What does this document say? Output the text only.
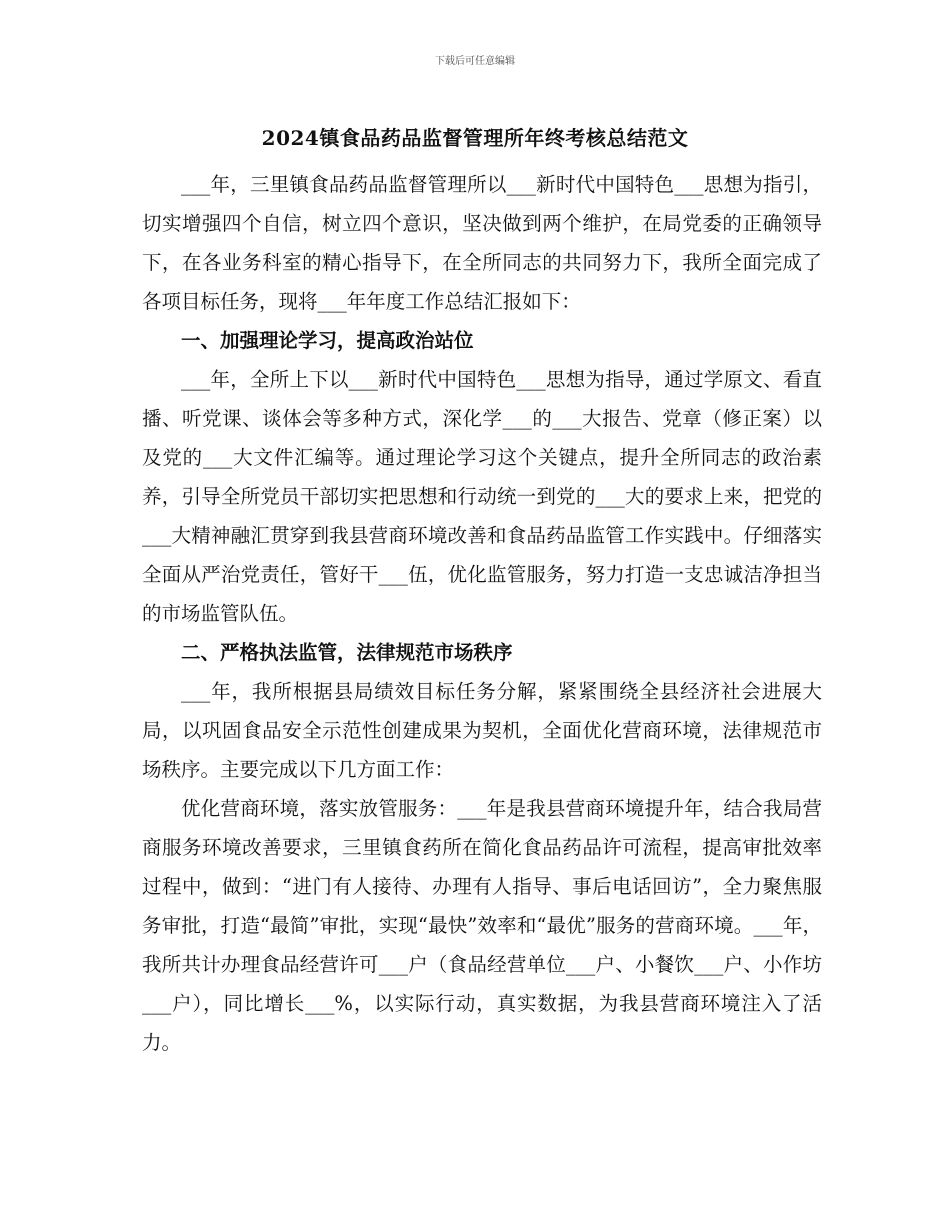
下载后可任意编辑
2024镇食品药品监督管理所年终考核总结范文

___年，三里镇食品药品监督管理所以___新时代中国特色___思想为指引，切实增强四个自信，树立四个意识，坚决做到两个维护，在局党委的正确领导下，在各业务科室的精心指导下，在全所同志的共同努力下，我所全面完成了各项目标任务，现将___年年度工作总结汇报如下：

一、加强理论学习，提高政治站位

___年，全所上下以___新时代中国特色___思想为指导，通过学原文、看直播、听党课、谈体会等多种方式，深化学___的___大报告、党章（修正案）以及党的___大文件汇编等。通过理论学习这个关键点，提升全所同志的政治素养，引导全所党员干部切实把思想和行动统一到党的___大的要求上来，把党的___大精神融汇贯穿到我县营商环境改善和食品药品监管工作实践中。仔细落实全面从严治党责任，管好干___伍，优化监管服务，努力打造一支忠诚洁净担当的市场监管队伍。

二、严格执法监管，法律规范市场秩序

___年，我所根据县局绩效目标任务分解，紧紧围绕全县经济社会进展大局，以巩固食品安全示范性创建成果为契机，全面优化营商环境，法律规范市场秩序。主要完成以下几方面工作：

优化营商环境，落实放管服务：___年是我县营商环境提升年，结合我局营商服务环境改善要求，三里镇食药所在简化食品药品许可流程，提高审批效率过程中，做到：“进门有人接待、办理有人指导、事后电话回访”，全力聚焦服务审批，打造“最简”审批，实现“最快”效率和“最优”服务的营商环境。___年，我所共计办理食品经营许可___户（食品经营单位___户、小餐饮___户、小作坊___户），同比增长___%，以实际行动，真实数据，为我县营商环境注入了活力。
